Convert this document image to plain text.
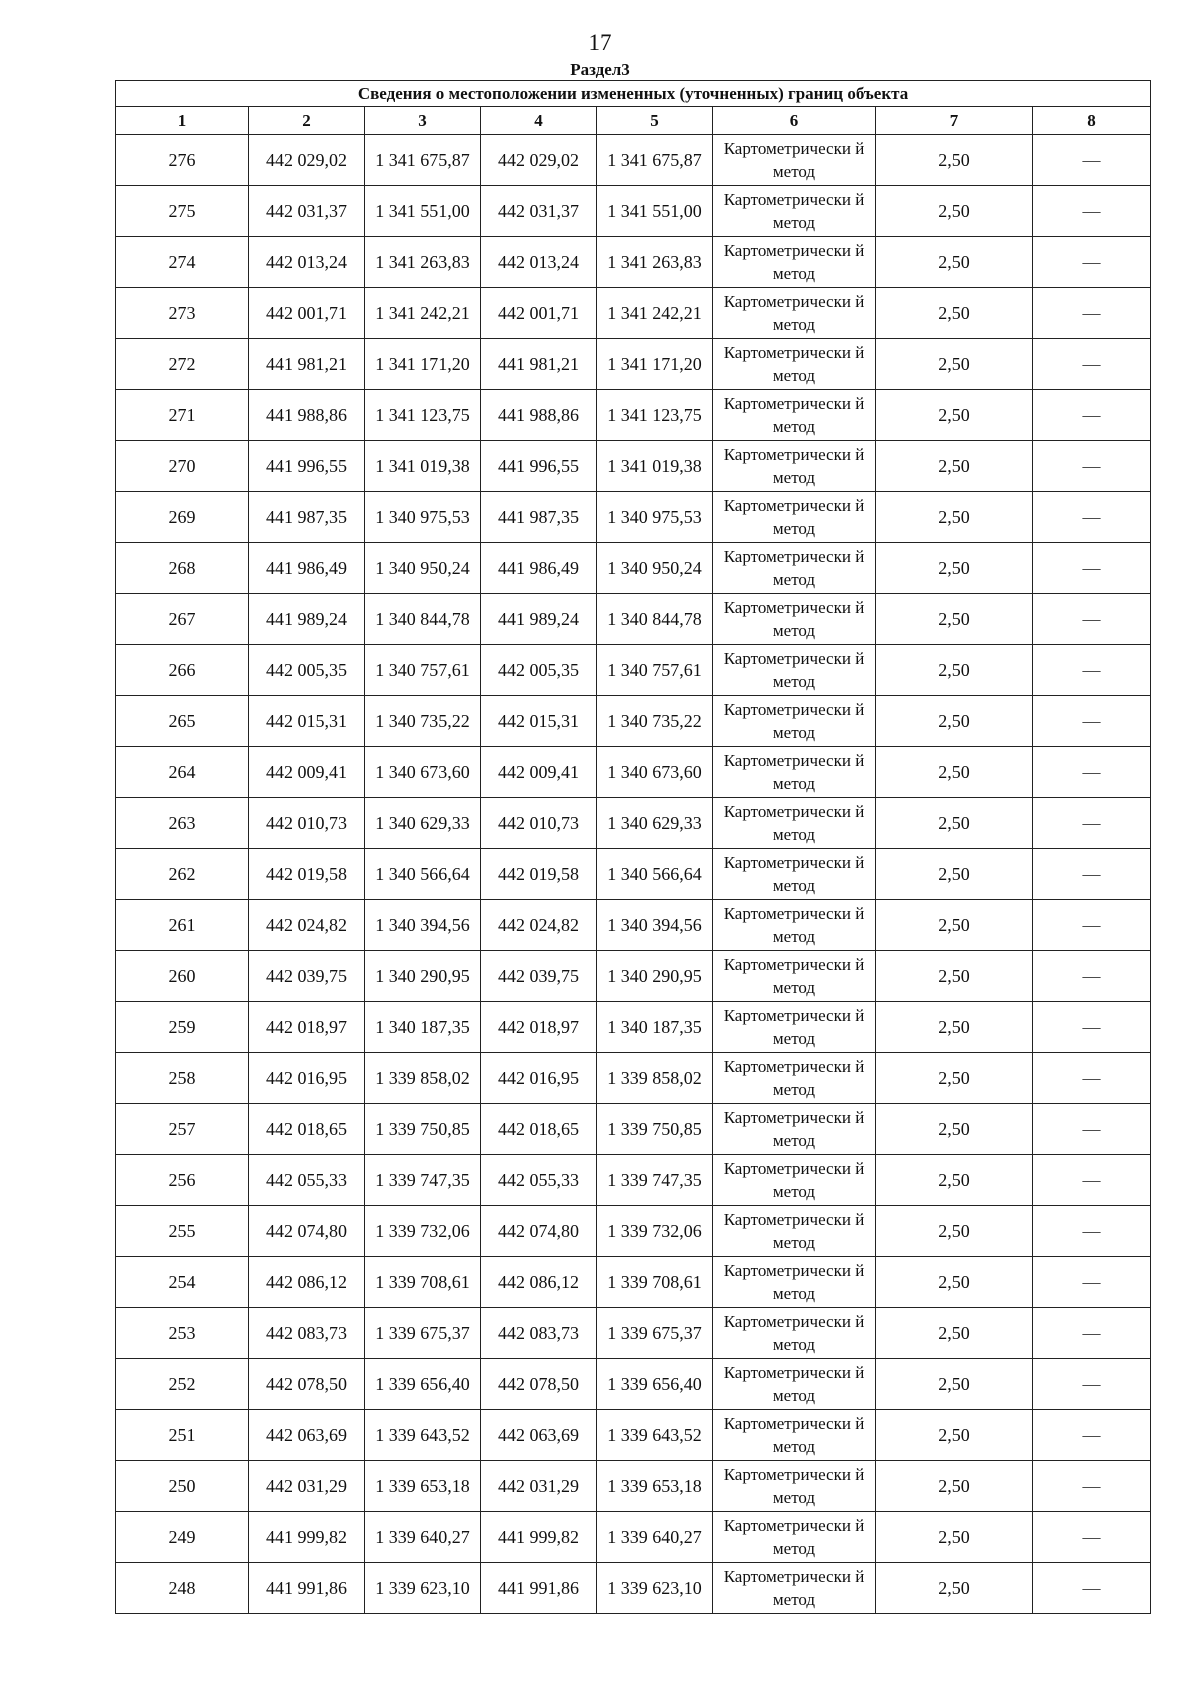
17
Раздел3
Сведения о местоположении измененных (уточненных) границ объекта							
1	2	3	4	5	6	7	8
276	442 029,02	1 341 675,87	442 029,02	1 341 675,87	Картометрически й метод	2,50	—
275	442 031,37	1 341 551,00	442 031,37	1 341 551,00	Картометрически й метод	2,50	—
274	442 013,24	1 341 263,83	442 013,24	1 341 263,83	Картометрически й метод	2,50	—
273	442 001,71	1 341 242,21	442 001,71	1 341 242,21	Картометрически й метод	2,50	—
272	441 981,21	1 341 171,20	441 981,21	1 341 171,20	Картометрически й метод	2,50	—
271	441 988,86	1 341 123,75	441 988,86	1 341 123,75	Картометрически й метод	2,50	—
270	441 996,55	1 341 019,38	441 996,55	1 341 019,38	Картометрически й метод	2,50	—
269	441 987,35	1 340 975,53	441 987,35	1 340 975,53	Картометрически й метод	2,50	—
268	441 986,49	1 340 950,24	441 986,49	1 340 950,24	Картометрически й метод	2,50	—
267	441 989,24	1 340 844,78	441 989,24	1 340 844,78	Картометрически й метод	2,50	—
266	442 005,35	1 340 757,61	442 005,35	1 340 757,61	Картометрически й метод	2,50	—
265	442 015,31	1 340 735,22	442 015,31	1 340 735,22	Картометрически й метод	2,50	—
264	442 009,41	1 340 673,60	442 009,41	1 340 673,60	Картометрически й метод	2,50	—
263	442 010,73	1 340 629,33	442 010,73	1 340 629,33	Картометрически й метод	2,50	—
262	442 019,58	1 340 566,64	442 019,58	1 340 566,64	Картометрически й метод	2,50	—
261	442 024,82	1 340 394,56	442 024,82	1 340 394,56	Картометрически й метод	2,50	—
260	442 039,75	1 340 290,95	442 039,75	1 340 290,95	Картометрически й метод	2,50	—
259	442 018,97	1 340 187,35	442 018,97	1 340 187,35	Картометрически й метод	2,50	—
258	442 016,95	1 339 858,02	442 016,95	1 339 858,02	Картометрически й метод	2,50	—
257	442 018,65	1 339 750,85	442 018,65	1 339 750,85	Картометрически й метод	2,50	—
256	442 055,33	1 339 747,35	442 055,33	1 339 747,35	Картометрически й метод	2,50	—
255	442 074,80	1 339 732,06	442 074,80	1 339 732,06	Картометрически й метод	2,50	—
254	442 086,12	1 339 708,61	442 086,12	1 339 708,61	Картометрически й метод	2,50	—
253	442 083,73	1 339 675,37	442 083,73	1 339 675,37	Картометрически й метод	2,50	—
252	442 078,50	1 339 656,40	442 078,50	1 339 656,40	Картометрически й метод	2,50	—
251	442 063,69	1 339 643,52	442 063,69	1 339 643,52	Картометрически й метод	2,50	—
250	442 031,29	1 339 653,18	442 031,29	1 339 653,18	Картометрически й метод	2,50	—
249	441 999,82	1 339 640,27	441 999,82	1 339 640,27	Картометрически й метод	2,50	—
248	441 991,86	1 339 623,10	441 991,86	1 339 623,10	Картометрически й метод	2,50	—
